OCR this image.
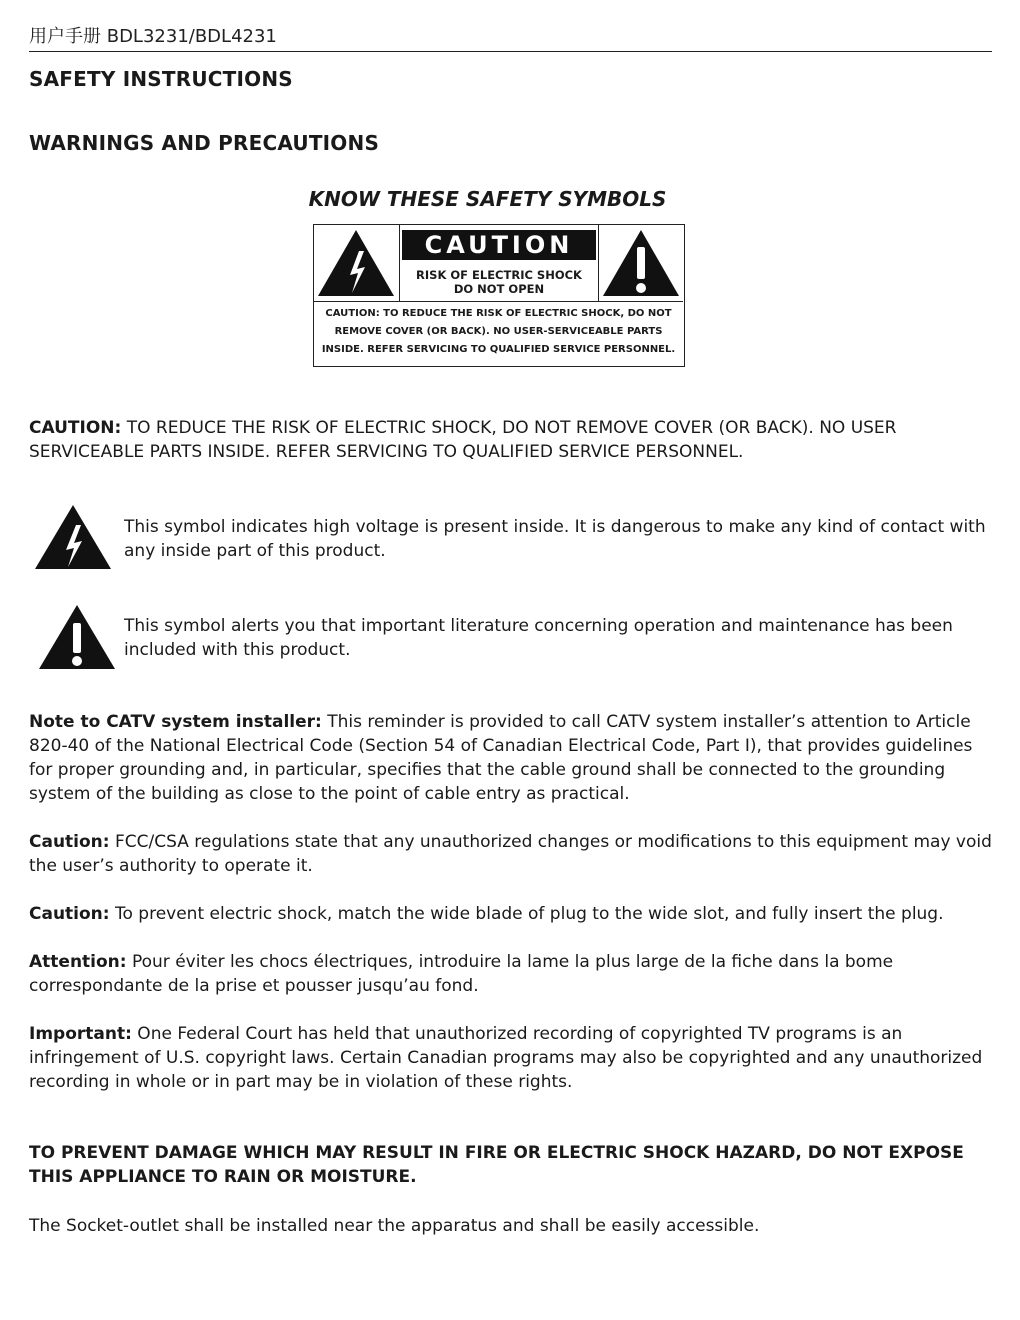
用户手册 BDL3231/BDL4231
SAFETY INSTRUCTIONS
WARNINGS AND PRECAUTIONS
KNOW THESE SAFETY SYMBOLS
CAUTION
RISK OF ELECTRIC SHOCK
DO NOT OPEN
CAUTION: TO REDUCE THE RISK OF ELECTRIC SHOCK, DO NOT
REMOVE COVER (OR BACK). NO USER-SERVICEABLE PARTS
INSIDE. REFER SERVICING TO QUALIFIED SERVICE PERSONNEL.
CAUTION: TO REDUCE THE RISK OF ELECTRIC SHOCK, DO NOT REMOVE COVER (OR BACK). NO USER SERVICEABLE PARTS INSIDE. REFER SERVICING TO QUALIFIED SERVICE PERSONNEL.
This symbol indicates high voltage is present inside. It is dangerous to make any kind of contact with any inside part of this product.
This symbol alerts you that important literature concerning operation and maintenance has been included with this product.
Note to CATV system installer: This reminder is provided to call CATV system installer’s attention to Article 820-40 of the National Electrical Code (Section 54 of Canadian Electrical Code, Part I), that provides guidelines for proper grounding and, in particular, specifies that the cable ground shall be connected to the grounding system of the building as close to the point of cable entry as practical.
Caution: FCC/CSA regulations state that any unauthorized changes or modifications to this equipment may void the user’s authority to operate it.
Caution: To prevent electric shock, match the wide blade of plug to the wide slot, and fully insert the plug.
Attention: Pour éviter les chocs électriques, introduire la lame la plus large de la fiche dans la bome correspondante de la prise et pousser jusqu’au fond.
Important: One Federal Court has held that unauthorized recording of copyrighted TV programs is an infringement of U.S. copyright laws. Certain Canadian programs may also be copyrighted and any unauthorized recording in whole or in part may be in violation of these rights.
TO PREVENT DAMAGE WHICH MAY RESULT IN FIRE OR ELECTRIC SHOCK HAZARD, DO NOT EXPOSE THIS APPLIANCE TO RAIN OR MOISTURE.
The Socket-outlet shall be installed near the apparatus and shall be easily accessible.
